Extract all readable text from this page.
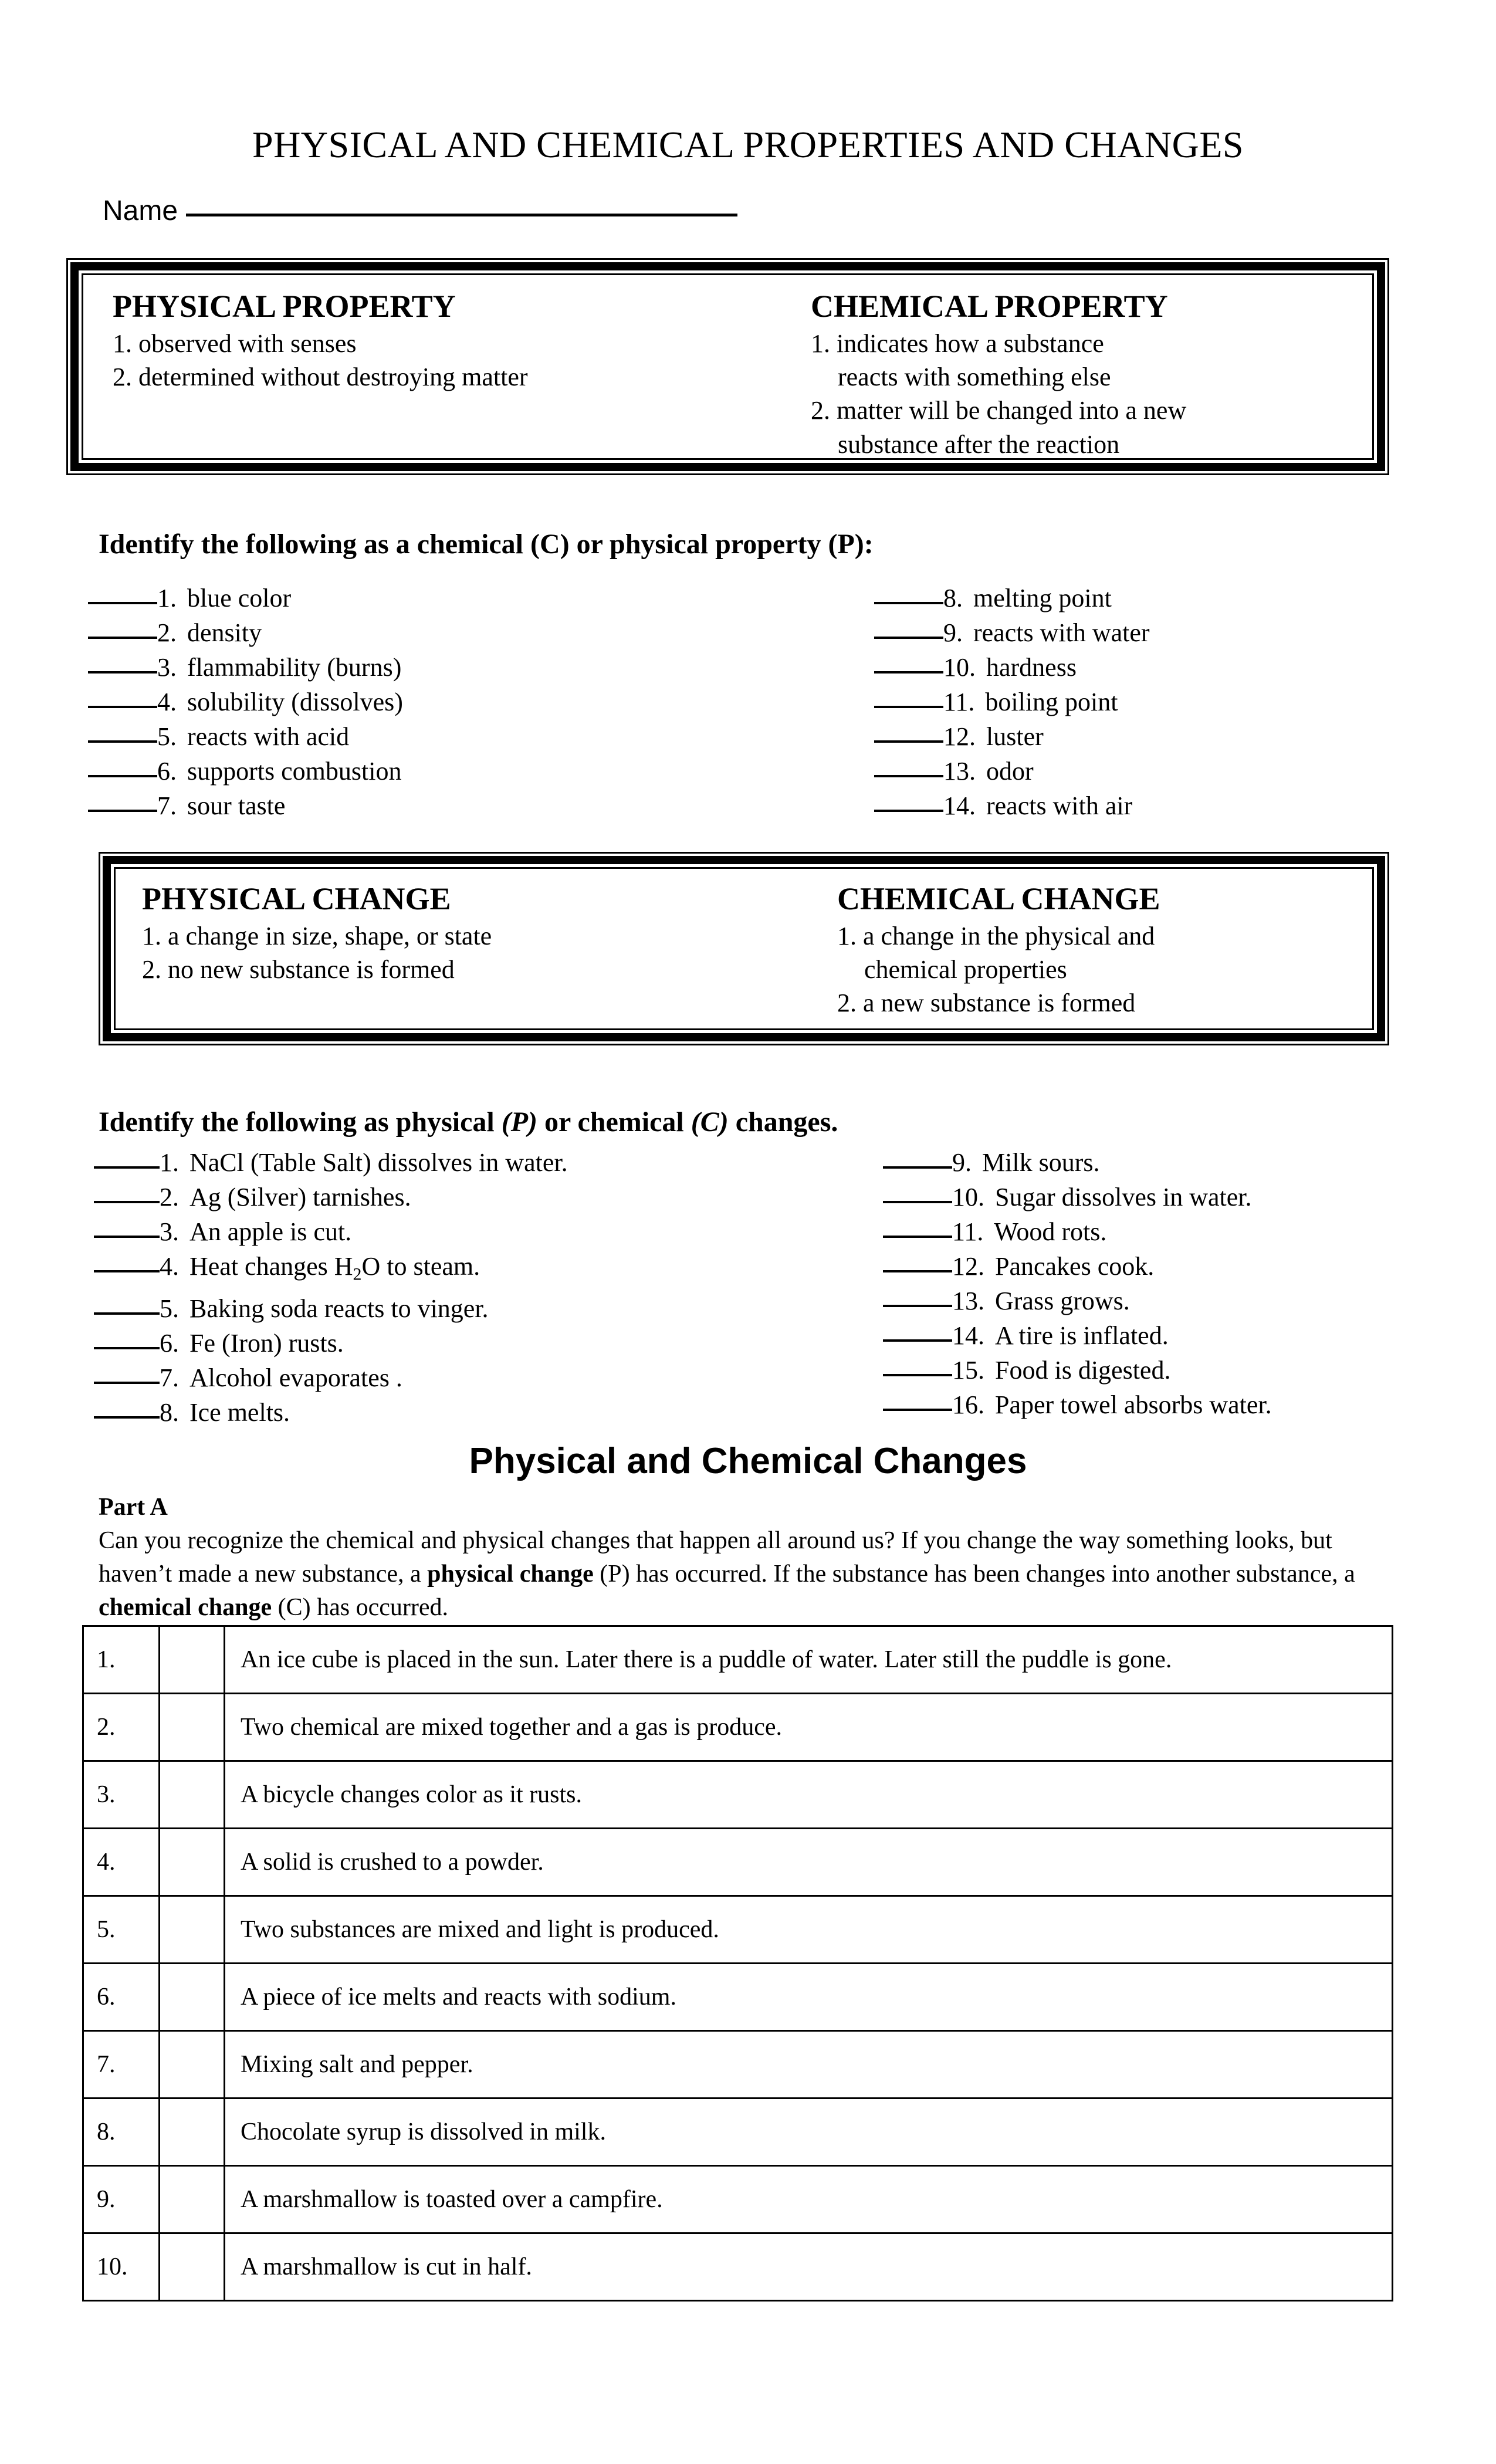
PHYSICAL AND CHEMICAL PROPERTIES AND CHANGES
Name
PHYSICAL PROPERTY
1. observed with senses
2. determined without destroying matter
CHEMICAL PROPERTY
1. indicates how a substance
reacts with something else
2. matter will be changed into a new
substance after the reaction
Identify the following as a chemical (C) or physical property (P):
1. blue color
2. density
3. flammability (burns)
4. solubility (dissolves)
5. reacts with acid
6. supports combustion
7. sour taste
8. melting point
9. reacts with water
10. hardness
11. boiling point
12. luster
13. odor
14. reacts with air
PHYSICAL CHANGE
1. a change in size, shape, or state
2. no new substance is formed
CHEMICAL CHANGE
1. a change in the physical and
chemical properties
2. a new substance is formed
Identify the following as physical (P) or chemical (C) changes.
1. NaCl (Table Salt) dissolves in water.
2. Ag (Silver) tarnishes.
3. An apple is cut.
4. Heat changes $H_2O$ to steam.
5. Baking soda reacts to vinger.
6. Fe (Iron) rusts.
7. Alcohol evaporates .
8. Ice melts.
9. Milk sours.
10. Sugar dissolves in water.
11. Wood rots.
12. Pancakes cook.
13. Grass grows.
14. A tire is inflated.
15. Food is digested.
16. Paper towel absorbs water.
Physical and Chemical Changes
Part A
Can you recognize the chemical and physical changes that happen all around us? If you change the way something looks, but haven’t made a new substance, a physical change (P) has occurred. If the substance has been changes into another substance, a chemical change (C) has occurred.
1.		An ice cube is placed in the sun. Later there is a puddle of water. Later still the puddle is gone.
2.		Two chemical are mixed together and a gas is produce.
3.		A bicycle changes color as it rusts.
4.		A solid is crushed to a powder.
5.		Two substances are mixed and light is produced.
6.		A piece of ice melts and reacts with sodium.
7.		Mixing salt and pepper.
8.		Chocolate syrup is dissolved in milk.
9.		A marshmallow is toasted over a campfire.
10.		A marshmallow is cut in half.
